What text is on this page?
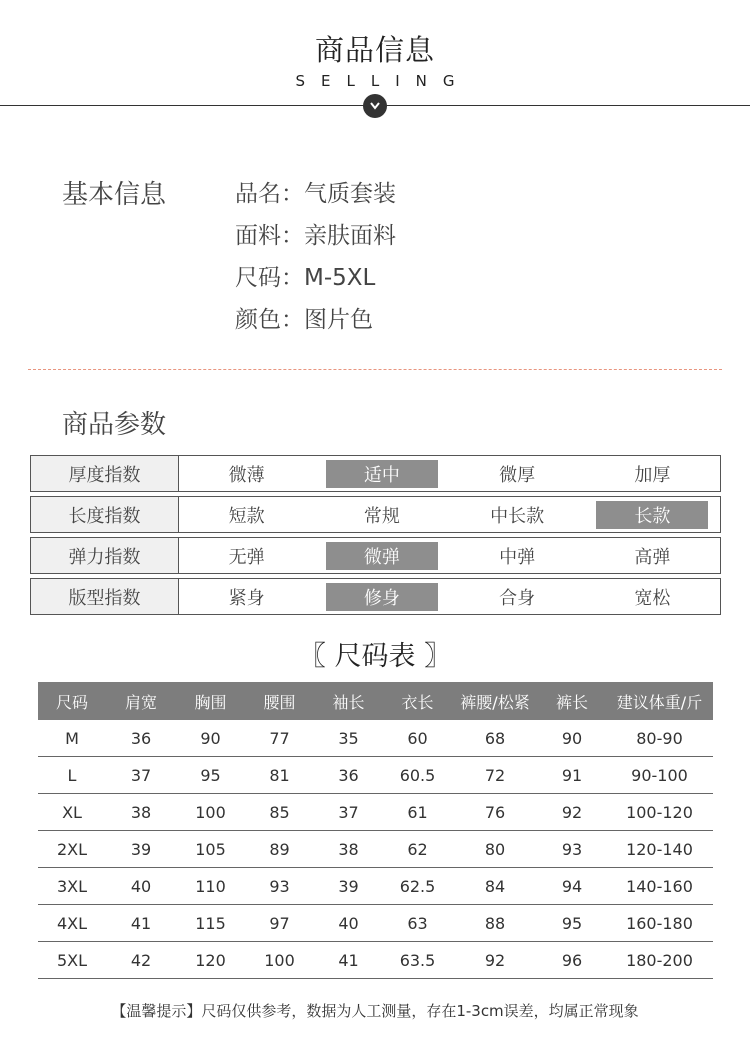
商品信息
SELLING
基本信息	品名：气质套装
面料：亲肤面料
尺码：M-5XL
颜色：图片色
商品参数
厚度指数	微薄	适中	微厚	加厚
长度指数	短款	常规	中长款	长款
弹力指数	无弹	微弹	中弹	高弹
版型指数	紧身	修身	合身	宽松
〖 尺码表 〗
尺码	肩宽	胸围	腰围	袖长	衣长	裤腰/松紧	裤长	建议体重/斤
M	36	90	77	35	60	68	90	80-90
L	37	95	81	36	60.5	72	91	90-100
XL	38	100	85	37	61	76	92	100-120
2XL	39	105	89	38	62	80	93	120-140
3XL	40	110	93	39	62.5	84	94	140-160
4XL	41	115	97	40	63	88	95	160-180
5XL	42	120	100	41	63.5	92	96	180-200
【温馨提示】尺码仅供参考，数据为人工测量，存在1-3cm误差，均属正常现象
